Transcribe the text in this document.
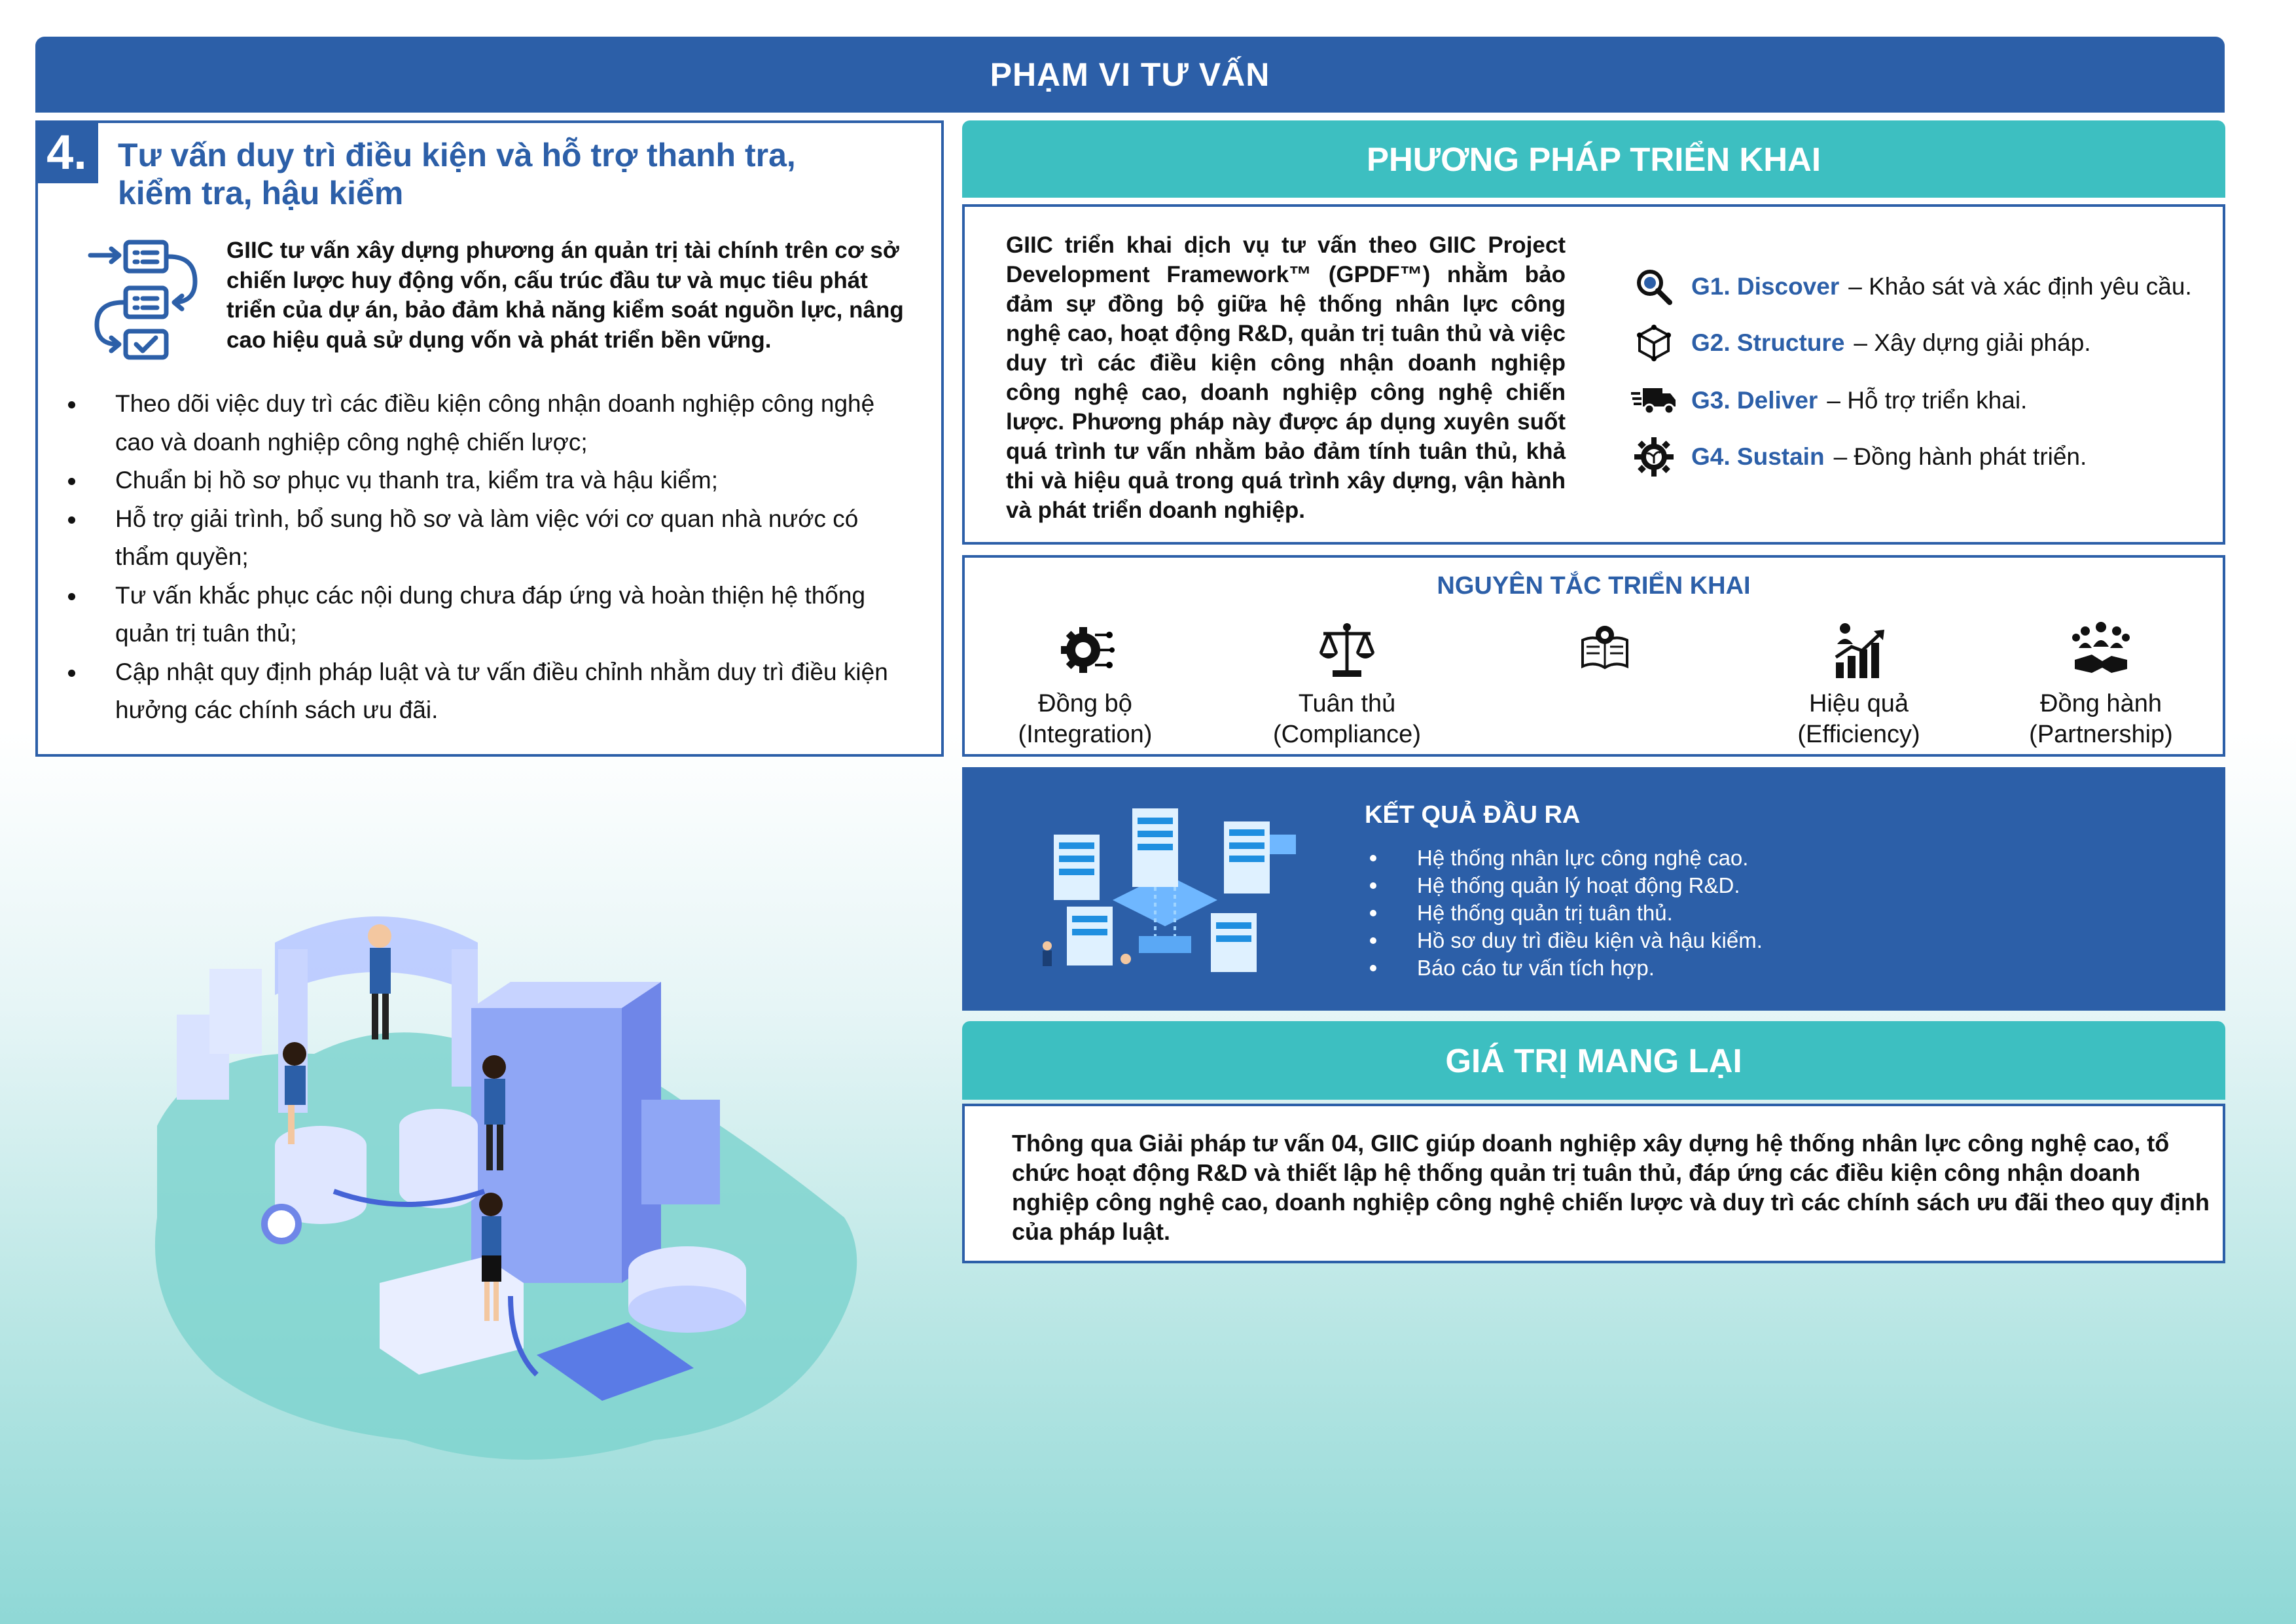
PHẠM VI TƯ VẤN
4. Tư vấn duy trì điều kiện và hỗ trợ thanh tra,
kiểm tra, hậu kiểm
GIIC tư vấn xây dựng phương án quản trị tài chính trên cơ sở chiến lược huy động vốn, cấu trúc đầu tư và mục tiêu phát triển của dự án, bảo đảm khả năng kiểm soát nguồn lực, nâng cao hiệu quả sử dụng vốn và phát triển bền vững.
Theo dõi việc duy trì các điều kiện công nhận doanh nghiệp công nghệ cao và doanh nghiệp công nghệ chiến lược;
Chuẩn bị hồ sơ phục vụ thanh tra, kiểm tra và hậu kiểm;
Hỗ trợ giải trình, bổ sung hồ sơ và làm việc với cơ quan nhà nước có thẩm quyền;
Tư vấn khắc phục các nội dung chưa đáp ứng và hoàn thiện hệ thống quản trị tuân thủ;
Cập nhật quy định pháp luật và tư vấn điều chỉnh nhằm duy trì điều kiện hưởng các chính sách ưu đãi.
PHƯƠNG PHÁP TRIỂN KHAI
GIIC triển khai dịch vụ tư vấn theo GIIC Project Development Framework™ (GPDF™) nhằm bảo đảm sự đồng bộ giữa hệ thống nhân lực công nghệ cao, hoạt động R&D, quản trị tuân thủ và việc duy trì các điều kiện công nhận doanh nghiệp công nghệ cao, doanh nghiệp công nghệ chiến lược. Phương pháp này được áp dụng xuyên suốt quá trình tư vấn nhằm bảo đảm tính tuân thủ, khả thi và hiệu quả trong quá trình xây dựng, vận hành và phát triển doanh nghiệp.
G1. Discover – Khảo sát và xác định yêu cầu.
G2. Structure – Xây dựng giải pháp.
G3. Deliver – Hỗ trợ triển khai.
G4. Sustain – Đồng hành phát triển.
NGUYÊN TẮC TRIỂN KHAI
Đồng bộ
(Integration)
Tuân thủ
(Compliance)
Hiệu quả
(Efficiency)
Đồng hành
(Partnership)
KẾT QUẢ ĐẦU RA
Hệ thống nhân lực công nghệ cao.
Hệ thống quản lý hoạt động R&D.
Hệ thống quản trị tuân thủ.
Hồ sơ duy trì điều kiện và hậu kiểm.
Báo cáo tư vấn tích hợp.
GIÁ TRỊ MANG LẠI
Thông qua Giải pháp tư vấn 04, GIIC giúp doanh nghiệp xây dựng hệ thống nhân lực công nghệ cao, tổ chức hoạt động R&D và thiết lập hệ thống quản trị tuân thủ, đáp ứng các điều kiện công nhận doanh nghiệp công nghệ cao, doanh nghiệp công nghệ chiến lược và duy trì các chính sách ưu đãi theo quy định của pháp luật.
